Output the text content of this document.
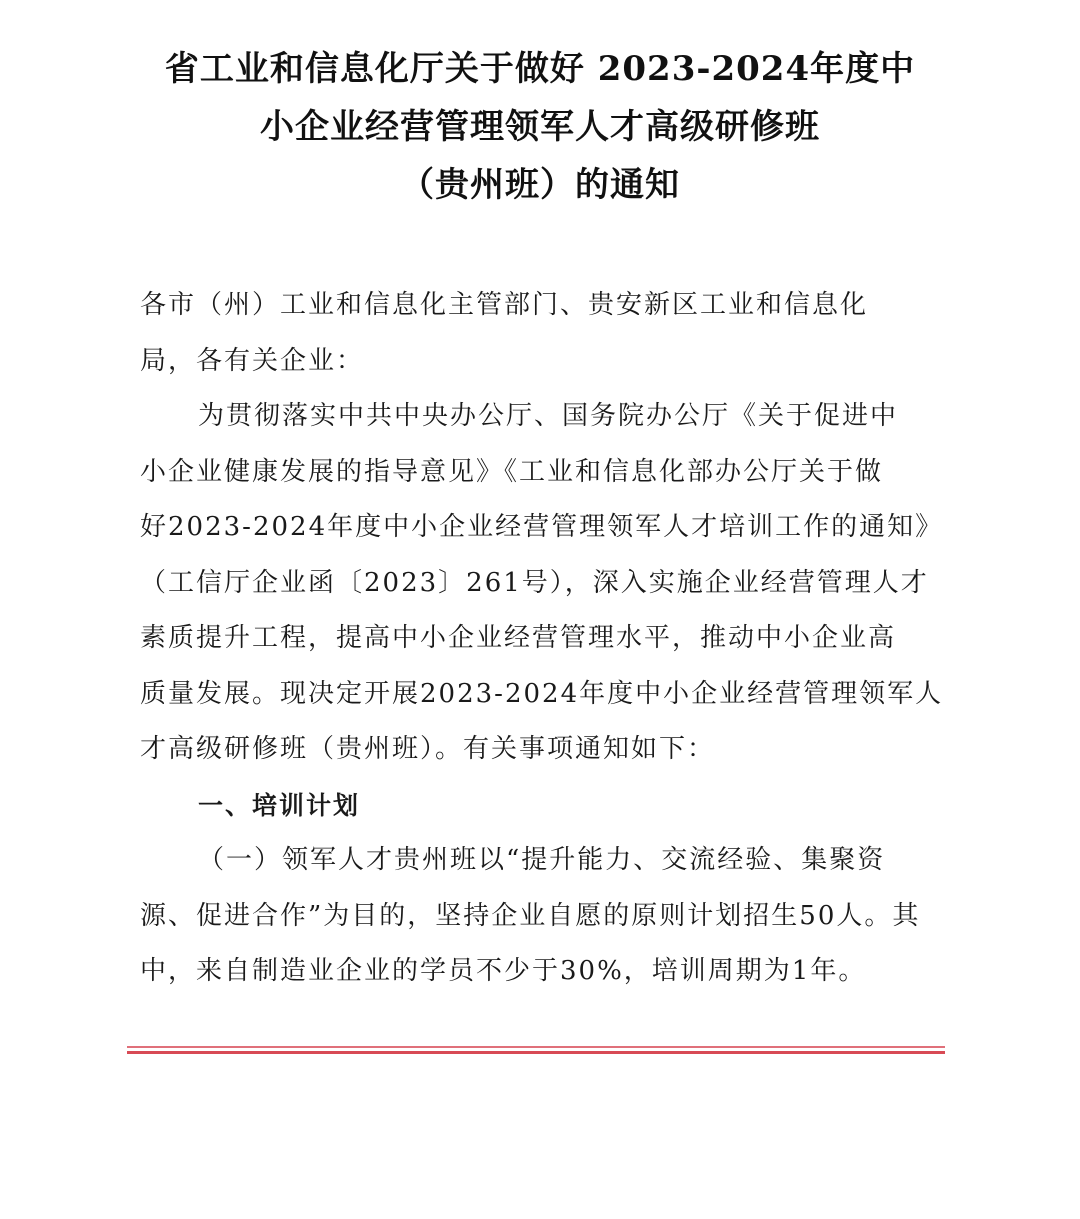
省工业和信息化厅关于做好 2023-2024年度中
小企业经营管理领军人才高级研修班
（贵州班）的通知
各市（州）工业和信息化主管部门、贵安新区工业和信息化
局，各有关企业：
为贯彻落实中共中央办公厅、国务院办公厅《关于促进中
小企业健康发展的指导意见》《工业和信息化部办公厅关于做
好2023-2024年度中小企业经营管理领军人才培训工作的通知》
（工信厅企业函〔2023〕261号），深入实施企业经营管理人才
素质提升工程，提高中小企业经营管理水平，推动中小企业高
质量发展。现决定开展2023-2024年度中小企业经营管理领军人
才高级研修班（贵州班）。有关事项通知如下：
一、培训计划
（一）领军人才贵州班以“提升能力、交流经验、集聚资
源、促进合作”为目的，坚持企业自愿的原则计划招生50人。其
中，来自制造业企业的学员不少于30%，培训周期为1年。
